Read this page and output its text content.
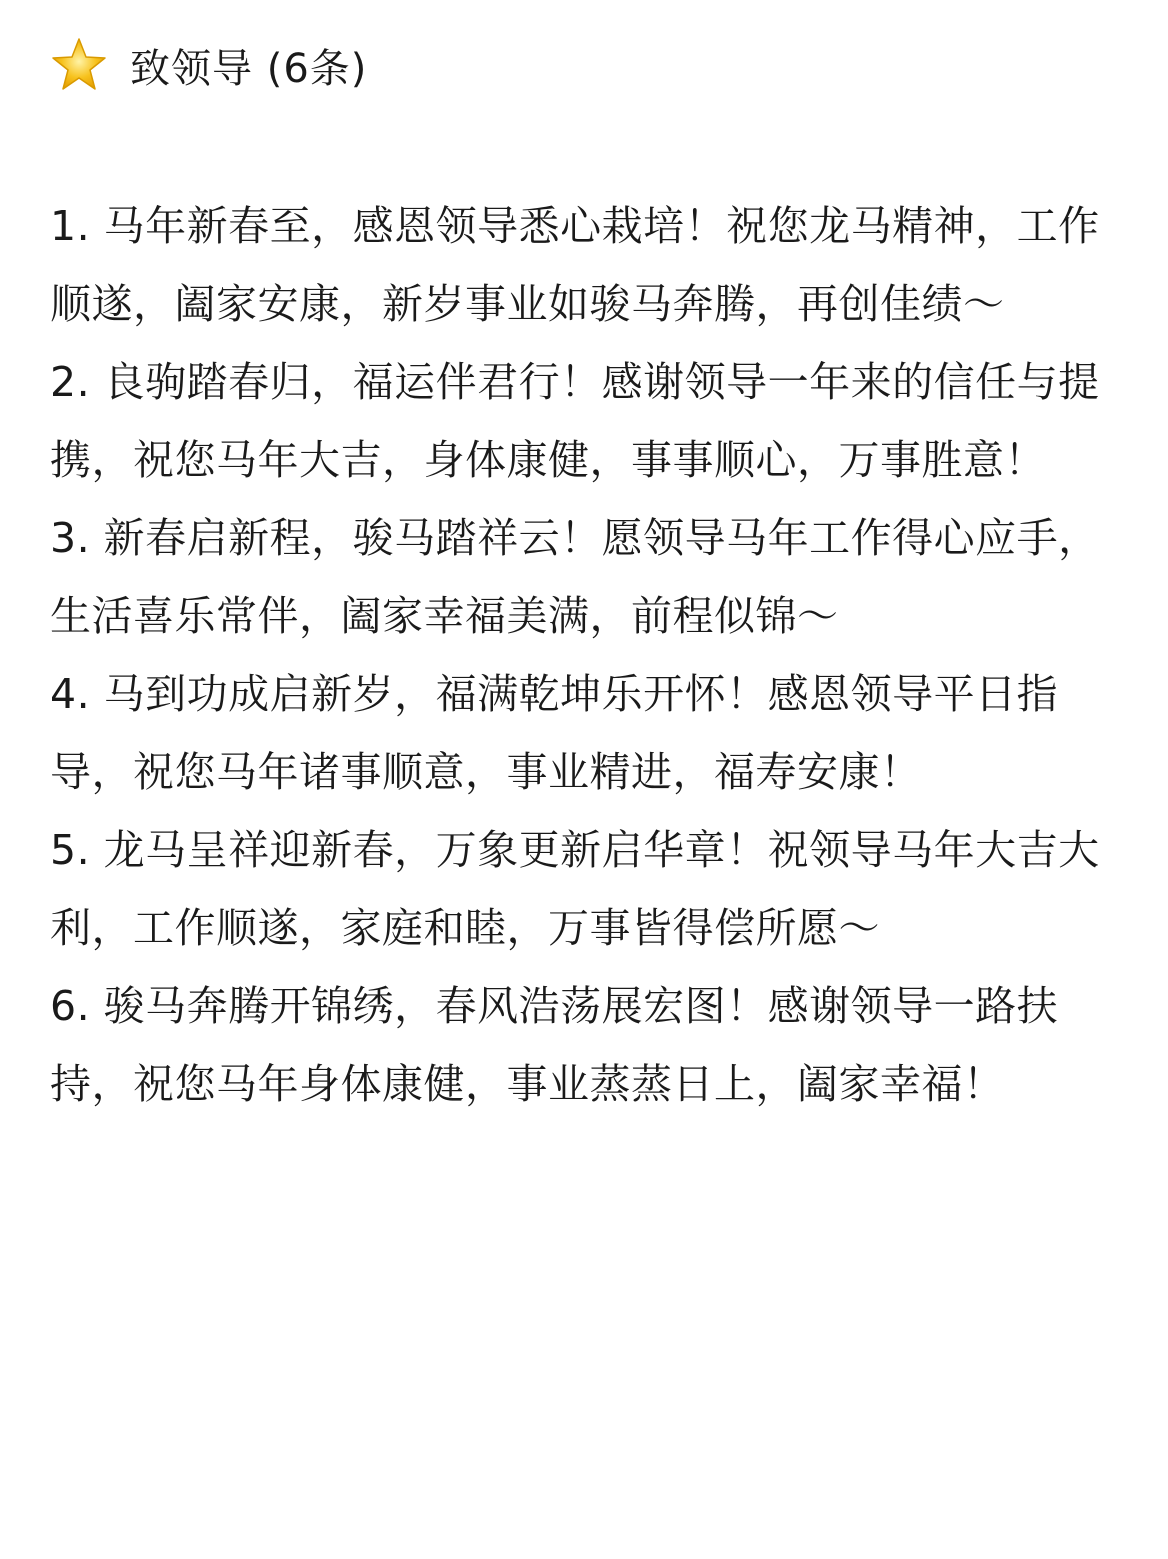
致领导 (6条)
1. 马年新春至，感恩领导悉心栽培！祝您龙马精神，工作顺遂，阖家安康，新岁事业如骏马奔腾，再创佳绩～
2. 良驹踏春归，福运伴君行！感谢领导一年来的信任与提携，祝您马年大吉，身体康健，事事顺心，万事胜意！
3. 新春启新程，骏马踏祥云！愿领导马年工作得心应手，生活喜乐常伴，阖家幸福美满，前程似锦～
4. 马到功成启新岁，福满乾坤乐开怀！感恩领导平日指导，祝您马年诸事顺意，事业精进，福寿安康！
5. 龙马呈祥迎新春，万象更新启华章！祝领导马年大吉大利，工作顺遂，家庭和睦，万事皆得偿所愿～
6. 骏马奔腾开锦绣，春风浩荡展宏图！感谢领导一路扶持，祝您马年身体康健，事业蒸蒸日上，阖家幸福！
